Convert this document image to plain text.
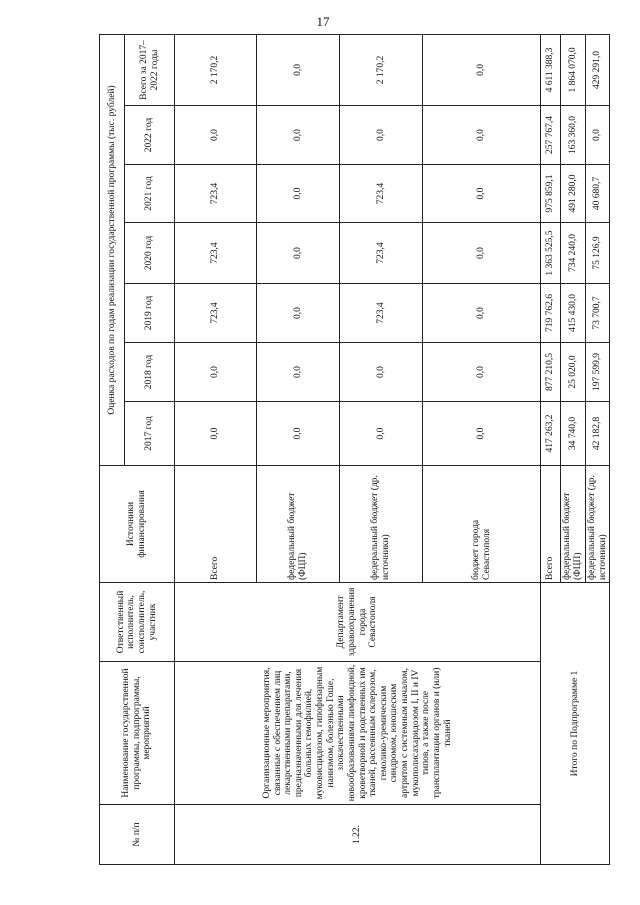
17
№ п/п	Наименование государственной программы, подпрограммы, мероприятий	Ответственный исполнитель, соисполнитель, участник	Источники финансирования	Оценка расходов по годам реализации государственной программы (тыс. рублей)						
				2017 год	2018 год	2019 год	2020 год	2021 год	2022 год	Всего за 2017–2022 годы
1.22.	Организационные мероприятия, связанные с обеспечением лиц лекарственными препаратами, предназначенными для лечения больных гемофилией, муковисцидозом, гипофизарным нанизмом, болезнью Гоше, злокачественными новообразованиями лимфоидной, кроветворной и родственных им тканей, рассеянным склерозом, гемолико-уремическим синдромом, юношеским артритом с системным началом, мукополисахаридозом I, II и IV типов, а также после трансплантации органов и (или) тканей	Департамент здравоохранения города Севастополя	Всего	0,0	0,0	723,4	723,4	723,4	0,0	2 170,2
			федеральный бюджет (ФЦП)	0,0	0,0	0,0	0,0	0,0	0,0	0,0
			федеральный бюджет (др. источники)	0,0	0,0	723,4	723,4	723,4	0,0	2 170,2
			бюджет города Севастополя	0,0	0,0	0,0	0,0	0,0	0,0	0,0
Итого по Подпрограмме 1			Всего	417 263,2	877 210,5	719 762,6	1 363 525,5	975 859,1	257 767,4	4 611 388,3
			федеральный бюджет (ФЦП)	34 740,0	25 020,0	415 430,0	734 240,0	491 280,0	163 360,0	1 864 070,0
			федеральный бюджет (др. источники)	42 182,8	197 599,9	73 700,7	75 126,9	40 680,7	0,0	429 291,0
